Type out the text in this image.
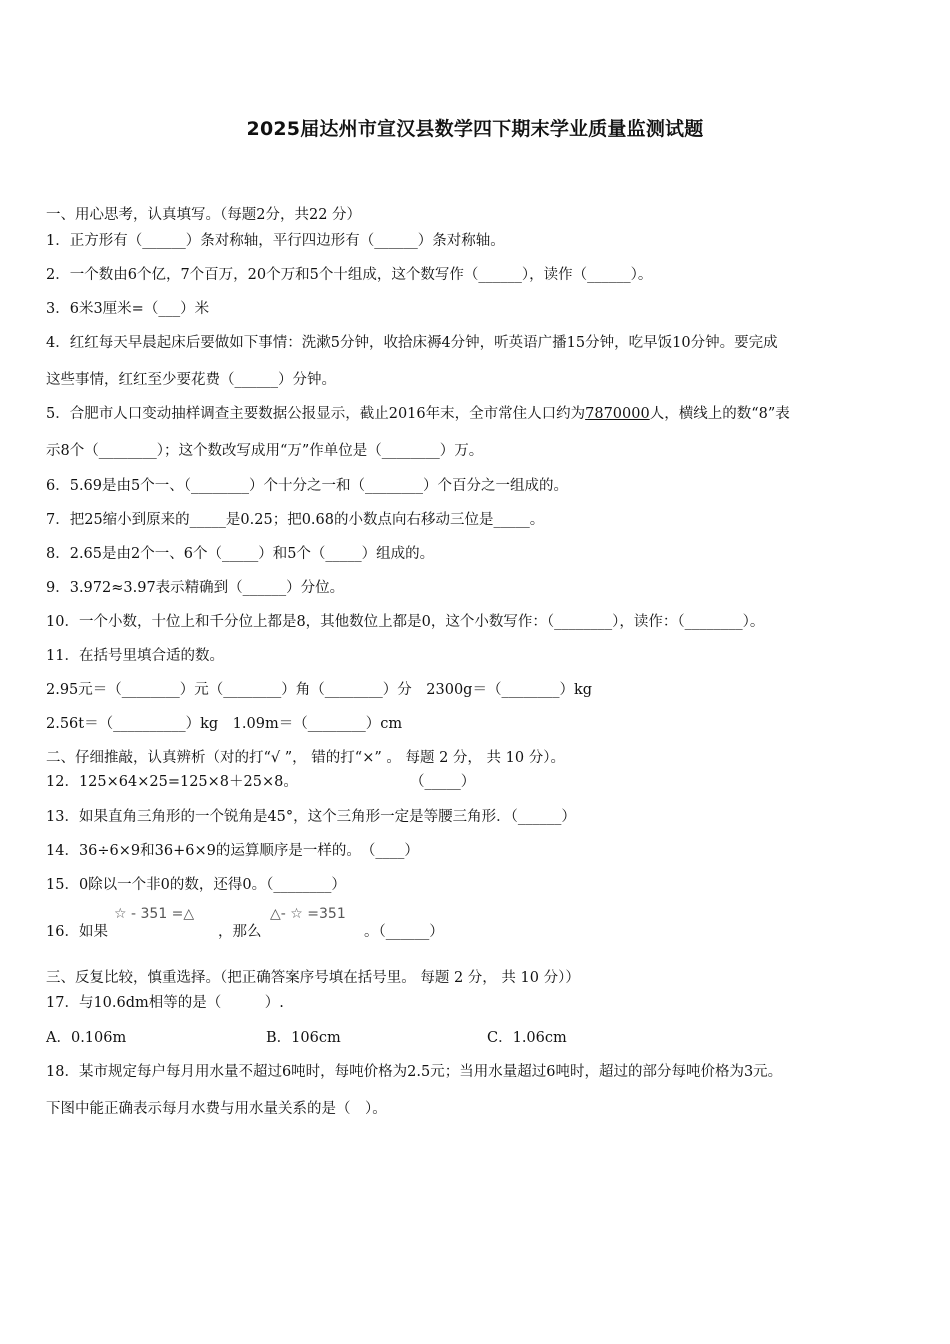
2025届达州市宣汉县数学四下期末学业质量监测试题
一、用心思考，认真填写。（每题2分，共22 分）
1．正方形有（______）条对称轴，平行四边形有（______）条对称轴。
2．一个数由6个亿，7个百万，20个万和5个十组成，这个数写作（______），读作（______）。
3．6米3厘米=（___）米
4．红红每天早晨起床后要做如下事情：洗漱5分钟，收拾床褥4分钟，听英语广播15分钟，吃早饭10分钟。要完成
这些事情，红红至少要花费（______）分钟。
5．合肥市人口变动抽样调查主要数据公报显示，截止2016年末，全市常住人口约为7870000人，横线上的数“8”表
示8个（________）；这个数改写成用“万”作单位是（________）万。
6．5.69是由5个一、（________）个十分之一和（________）个百分之一组成的。
7．把25缩小到原来的_____是0.25；把0.68的小数点向右移动三位是_____。
8．2.65是由2个一、6个（_____）和5个（_____）组成的。
9．3.972≈3.97表示精确到（______）分位。
10．一个小数，十位上和千分位上都是8，其他数位上都是0，这个小数写作：（________），读作：（________）。
11．在括号里填合适的数。
2.95元＝（________）元（________）角（________）分　2300g＝（________）kg
2.56t＝（__________）kg　1.09m＝（________）cm
二、仔细推敲，认真辨析（对的打“√ ”， 错的打“×” 。 每题 2 分， 共 10 分）。
12．125×64×25=125×8＋25×8。	（_____）
13．如果直角三角形的一个锐角是45°，这个三角形一定是等腰三角形．（______）
14．36÷6×9和36+6×9的运算顺序是一样的。　（____）
15．0除以一个非0的数，还得0。（________）
16．如果
☆ - 351 =△
，那么
△- ☆ =351
。（______）
三、反复比较，慎重选择。（把正确答案序号填在括号里。 每题 2 分， 共 10 分））
17．与10.6dm相等的是（　　　）.
A．0.106m	B．106cm	C．1.06cm
18．某市规定每户每月用水量不超过6吨时，每吨价格为2.5元；当用水量超过6吨时，超过的部分每吨价格为3元。
下图中能正确表示每月水费与用水量关系的是（　）。
